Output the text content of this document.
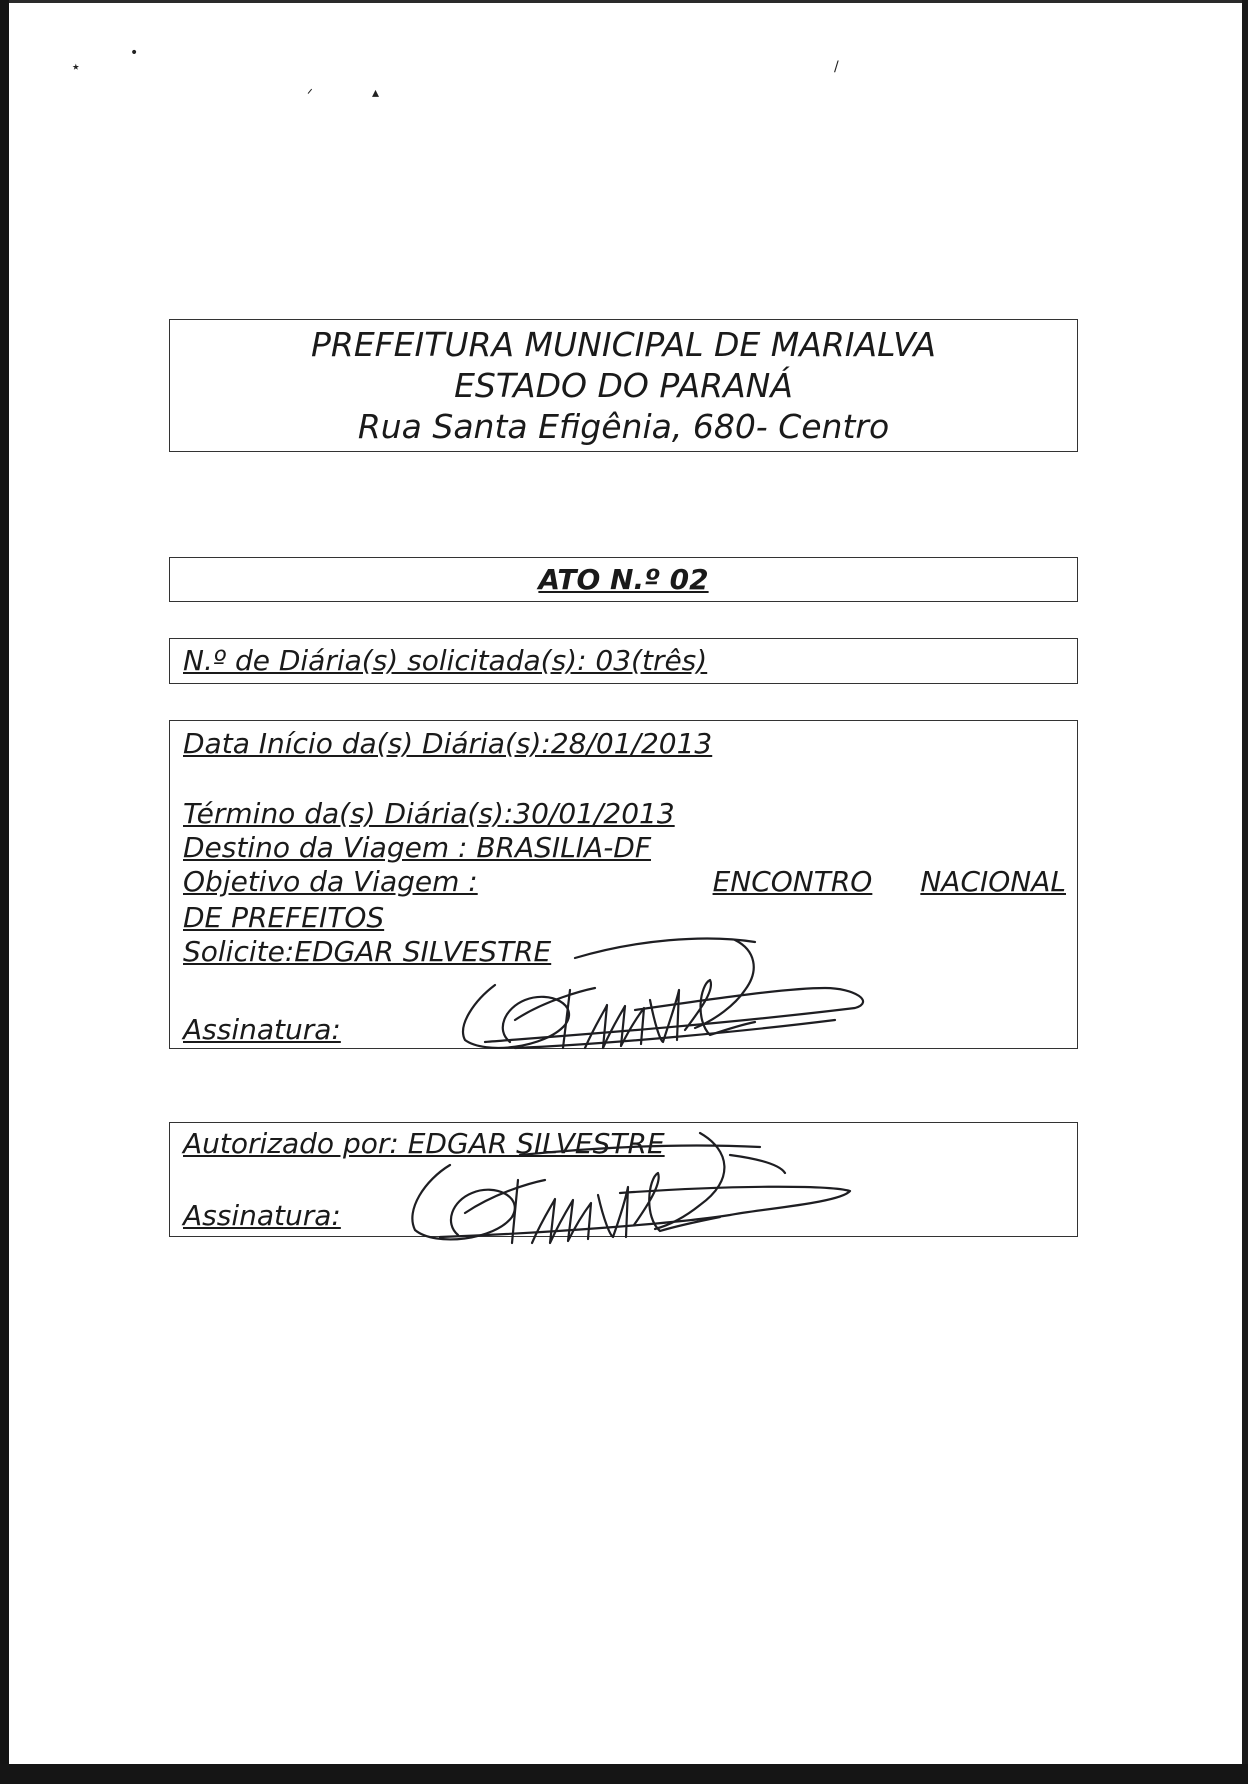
٭
•
ᐟ	▴
/
PREFEITURA MUNICIPAL DE MARIALVA
ESTADO DO PARANÁ
Rua Santa Efigênia, 680- Centro
ATO N.º 02
N.º de Diária(s) solicitada(s): 03(três)
Data Início da(s) Diária(s):28/01/2013
Término da(s) Diária(s):30/01/2013
Destino da Viagem : BRASILIA-DF
Objetivo da Viagem :	ENCONTRO NACIONAL
DE PREFEITOS
Solicite:EDGAR SILVESTRE
Assinatura:
Autorizado por: EDGAR SILVESTRE
Assinatura:
